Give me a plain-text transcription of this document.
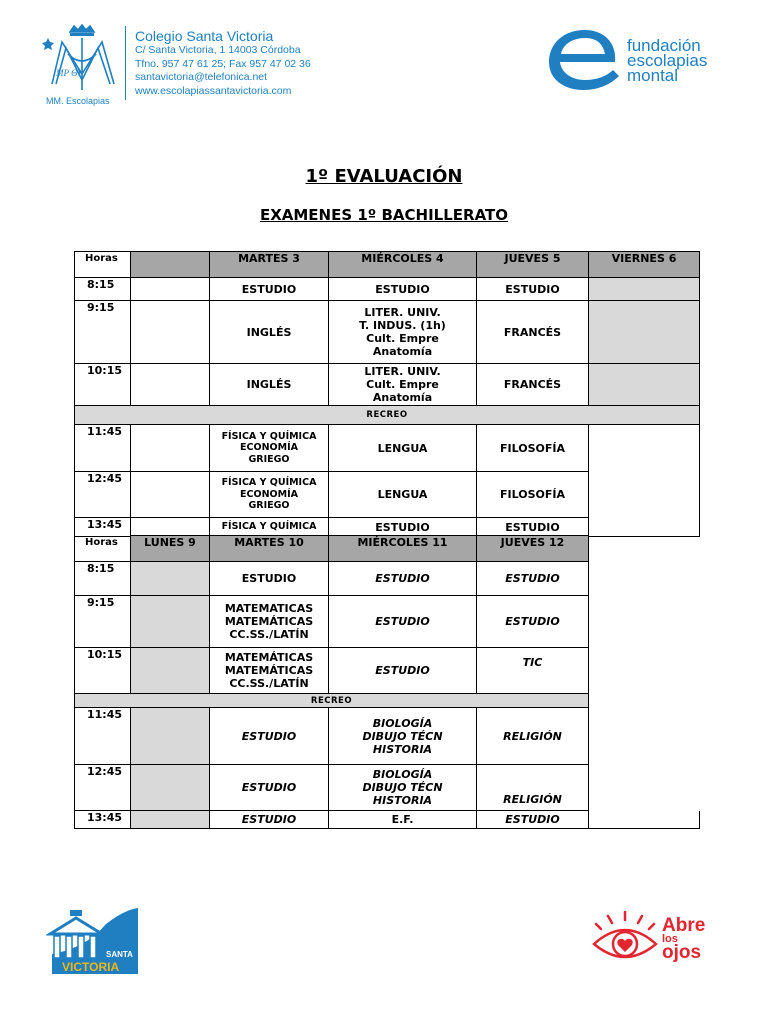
MP ΘΥ
MM. Escolapias
Colegio Santa Victoria
C/ Santa Victoria, 1 14003 Córdoba
Tfno. 957 47 61 25; Fax 957 47 02 36
santavictoria@telefonica.net
www.escolapiassantavictoria.com
fundación
escolapias
montal
1º EVALUACIÓN
EXAMENES 1º BACHILLERATO
Horas		MARTES 3	MIÉRCOLES 4	JUEVES 5	VIERNES 6
8:15		ESTUDIO	ESTUDIO	ESTUDIO	
9:15		INGLÉS	LITER. UNIV.
T. INDUS. (1h)
Cult. Empre
Anatomía	FRANCÉS	
10:15		INGLÉS	LITER. UNIV.
Cult. Empre
Anatomía	FRANCÉS	
RECREO					
11:45		FÍSICA Y QUÍMICA
ECONOMÍA
GRIEGO	LENGUA	FILOSOFÍA	
12:45		FÍSICA Y QUÍMICA
ECONOMÍA
GRIEGO	LENGUA	FILOSOFÍA	
13:45		FÍSICA Y QUÍMICA	ESTUDIO	ESTUDIO	
Horas	LUNES 9	MARTES 10	MIÉRCOLES 11	JUEVES 12	
8:15		ESTUDIO	ESTUDIO	ESTUDIO	
9:15		MATEMATICAS
MATEMÁTICAS
CC.SS./LATÍN	ESTUDIO	ESTUDIO	
10:15		MATEMÁTICAS
MATEMÁTICAS
CC.SS./LATÍN	ESTUDIO	TIC	
RECREO					
11:45		ESTUDIO	BIOLOGÍA
DIBUJO TÉCN
HISTORIA	RELIGIÓN	
12:45		ESTUDIO	BIOLOGÍA
DIBUJO TÉCN
HISTORIA	RELIGIÓN	
13:45		ESTUDIO	E.F.	ESTUDIO	
SANTA
VICTORIA
Abre
los
ojos
